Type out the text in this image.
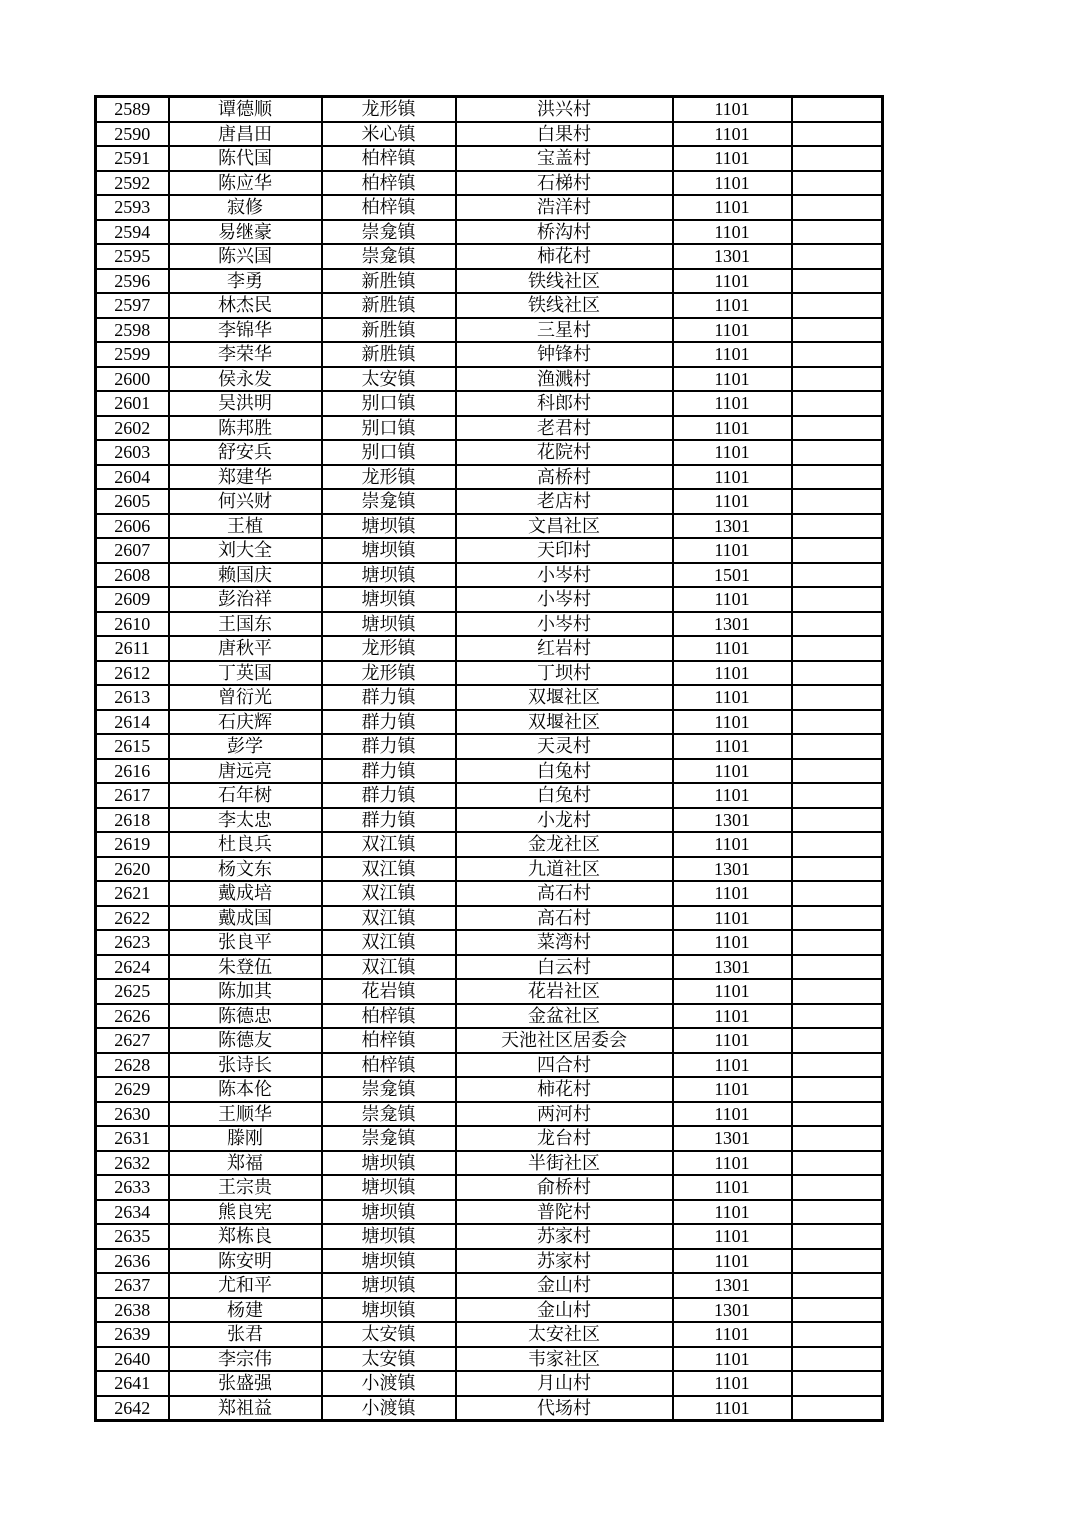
2589	谭德顺	龙形镇	洪兴村	1101	
2590	唐昌田	米心镇	白果村	1101	
2591	陈代国	柏梓镇	宝盖村	1101	
2592	陈应华	柏梓镇	石梯村	1101	
2593	寂修	柏梓镇	浩洋村	1101	
2594	易继豪	崇龛镇	桥沟村	1101	
2595	陈兴国	崇龛镇	柿花村	1301	
2596	李勇	新胜镇	铁线社区	1101	
2597	林杰民	新胜镇	铁线社区	1101	
2598	李锦华	新胜镇	三星村	1101	
2599	李荣华	新胜镇	钟锋村	1101	
2600	侯永发	太安镇	渔溅村	1101	
2601	吴洪明	别口镇	科郎村	1101	
2602	陈邦胜	别口镇	老君村	1101	
2603	舒安兵	别口镇	花院村	1101	
2604	郑建华	龙形镇	高桥村	1101	
2605	何兴财	崇龛镇	老店村	1101	
2606	王植	塘坝镇	文昌社区	1301	
2607	刘大全	塘坝镇	天印村	1101	
2608	赖国庆	塘坝镇	小岑村	1501	
2609	彭治祥	塘坝镇	小岑村	1101	
2610	王国东	塘坝镇	小岑村	1301	
2611	唐秋平	龙形镇	红岩村	1101	
2612	丁英国	龙形镇	丁坝村	1101	
2613	曾衍光	群力镇	双堰社区	1101	
2614	石庆辉	群力镇	双堰社区	1101	
2615	彭学	群力镇	天灵村	1101	
2616	唐远亮	群力镇	白兔村	1101	
2617	石年树	群力镇	白兔村	1101	
2618	李太忠	群力镇	小龙村	1301	
2619	杜良兵	双江镇	金龙社区	1101	
2620	杨文东	双江镇	九道社区	1301	
2621	戴成培	双江镇	高石村	1101	
2622	戴成国	双江镇	高石村	1101	
2623	张良平	双江镇	菜湾村	1101	
2624	朱登伍	双江镇	白云村	1301	
2625	陈加其	花岩镇	花岩社区	1101	
2626	陈德忠	柏梓镇	金盆社区	1101	
2627	陈德友	柏梓镇	天池社区居委会	1101	
2628	张诗长	柏梓镇	四合村	1101	
2629	陈本伦	崇龛镇	柿花村	1101	
2630	王顺华	崇龛镇	两河村	1101	
2631	滕刚	崇龛镇	龙台村	1301	
2632	郑福	塘坝镇	半街社区	1101	
2633	王宗贵	塘坝镇	俞桥村	1101	
2634	熊良宪	塘坝镇	普陀村	1101	
2635	郑栋良	塘坝镇	苏家村	1101	
2636	陈安明	塘坝镇	苏家村	1101	
2637	尤和平	塘坝镇	金山村	1301	
2638	杨建	塘坝镇	金山村	1301	
2639	张君	太安镇	太安社区	1101	
2640	李宗伟	太安镇	韦家社区	1101	
2641	张盛强	小渡镇	月山村	1101	
2642	郑祖益	小渡镇	代场村	1101	
